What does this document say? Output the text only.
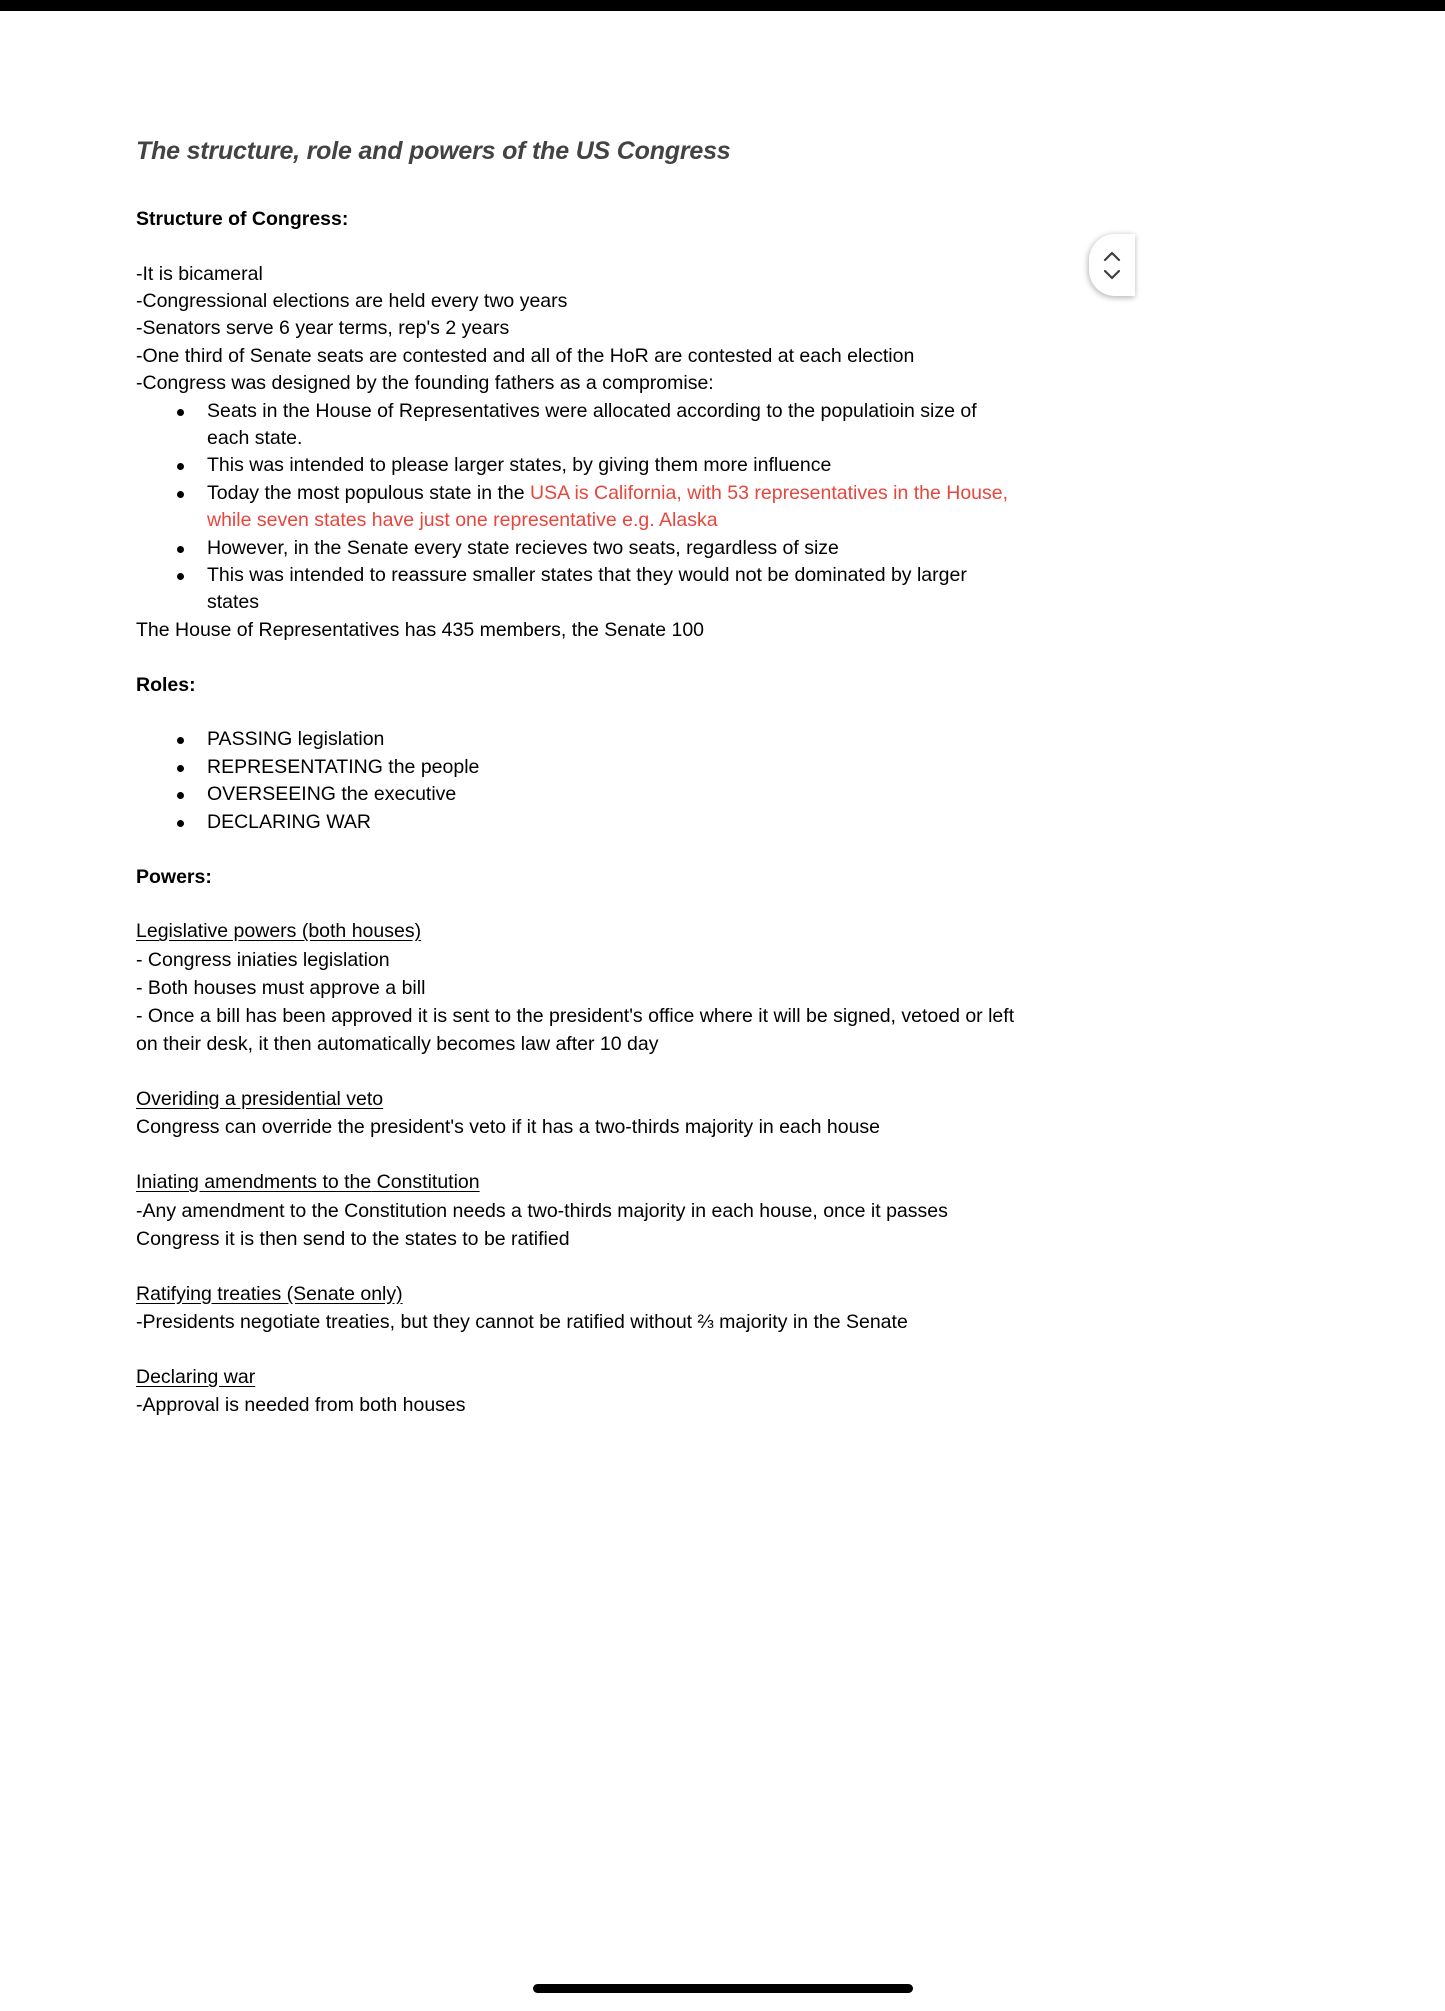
The structure, role and powers of the US Congress

Structure of Congress:

-It is bicameral

-Congressional elections are held every two years

-Senators serve 6 year terms, rep's 2 years

-One third of Senate seats are contested and all of the HoR are contested at each election

-Congress was designed by the founding fathers as a compromise:

Seats in the House of Representatives were allocated according to the populatioin size of each state.
This was intended to please larger states, by giving them more influence
Today the most populous state in the USA is California, with 53 representatives in the House, while seven states have just one representative e.g. Alaska
However, in the Senate every state recieves two seats, regardless of size
This was intended to reassure smaller states that they would not be dominated by larger states

The House of Representatives has 435 members, the Senate 100

Roles:

PASSING legislation
REPRESENTATING the people
OVERSEEING the executive
DECLARING WAR

Powers:

Legislative powers (both houses)

- Congress iniaties legislation

- Both houses must approve a bill

- Once a bill has been approved it is sent to the president's office where it will be signed, vetoed or left on their desk, it then automatically becomes law after 10 day

Overiding a presidential veto

Congress can override the president's veto if it has a two-thirds majority in each house

Iniating amendments to the Constitution

-Any amendment to the Constitution needs a two-thirds majority in each house, once it passes Congress it is then send to the states to be ratified

Ratifying treaties (Senate only)

-Presidents negotiate treaties, but they cannot be ratified without ⅔ majority in the Senate

Declaring war

-Approval is needed from both houses
